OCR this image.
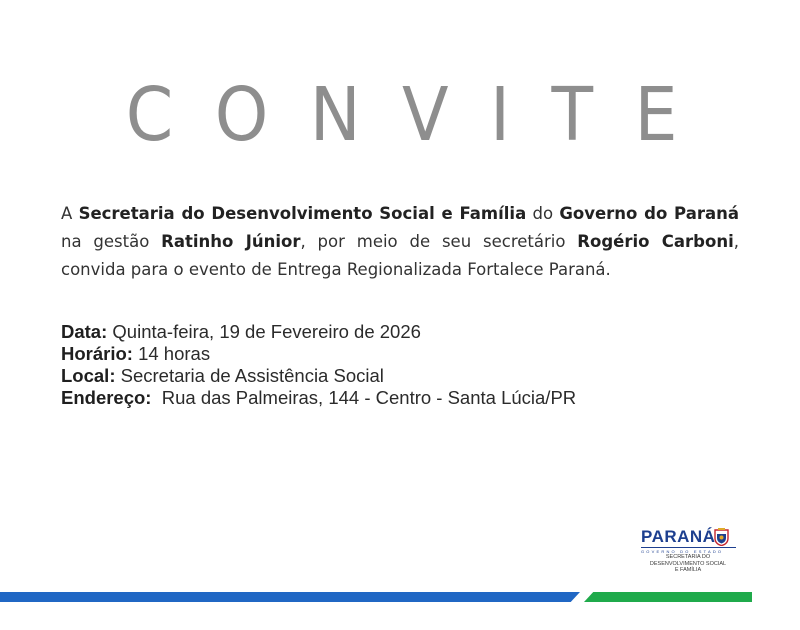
CONVITE

A Secretaria do Desenvolvimento Social e Família do Governo do Paraná na gestão Ratinho Júnior, por meio de seu secretário Rogério Carboni, convida para o evento de Entrega Regionalizada Fortalece Paraná.

Data: Quinta-feira, 19 de Fevereiro de 2026
Horário: 14 horas
Local: Secretaria de Assistência Social
Endereço:  Rua das Palmeiras, 144 - Centro - Santa Lúcia/PR
PARANÁ
GOVERNO DO ESTADO
SECRETARIA DO
DESENVOLVIMENTO SOCIAL
E FAMÍLIA
